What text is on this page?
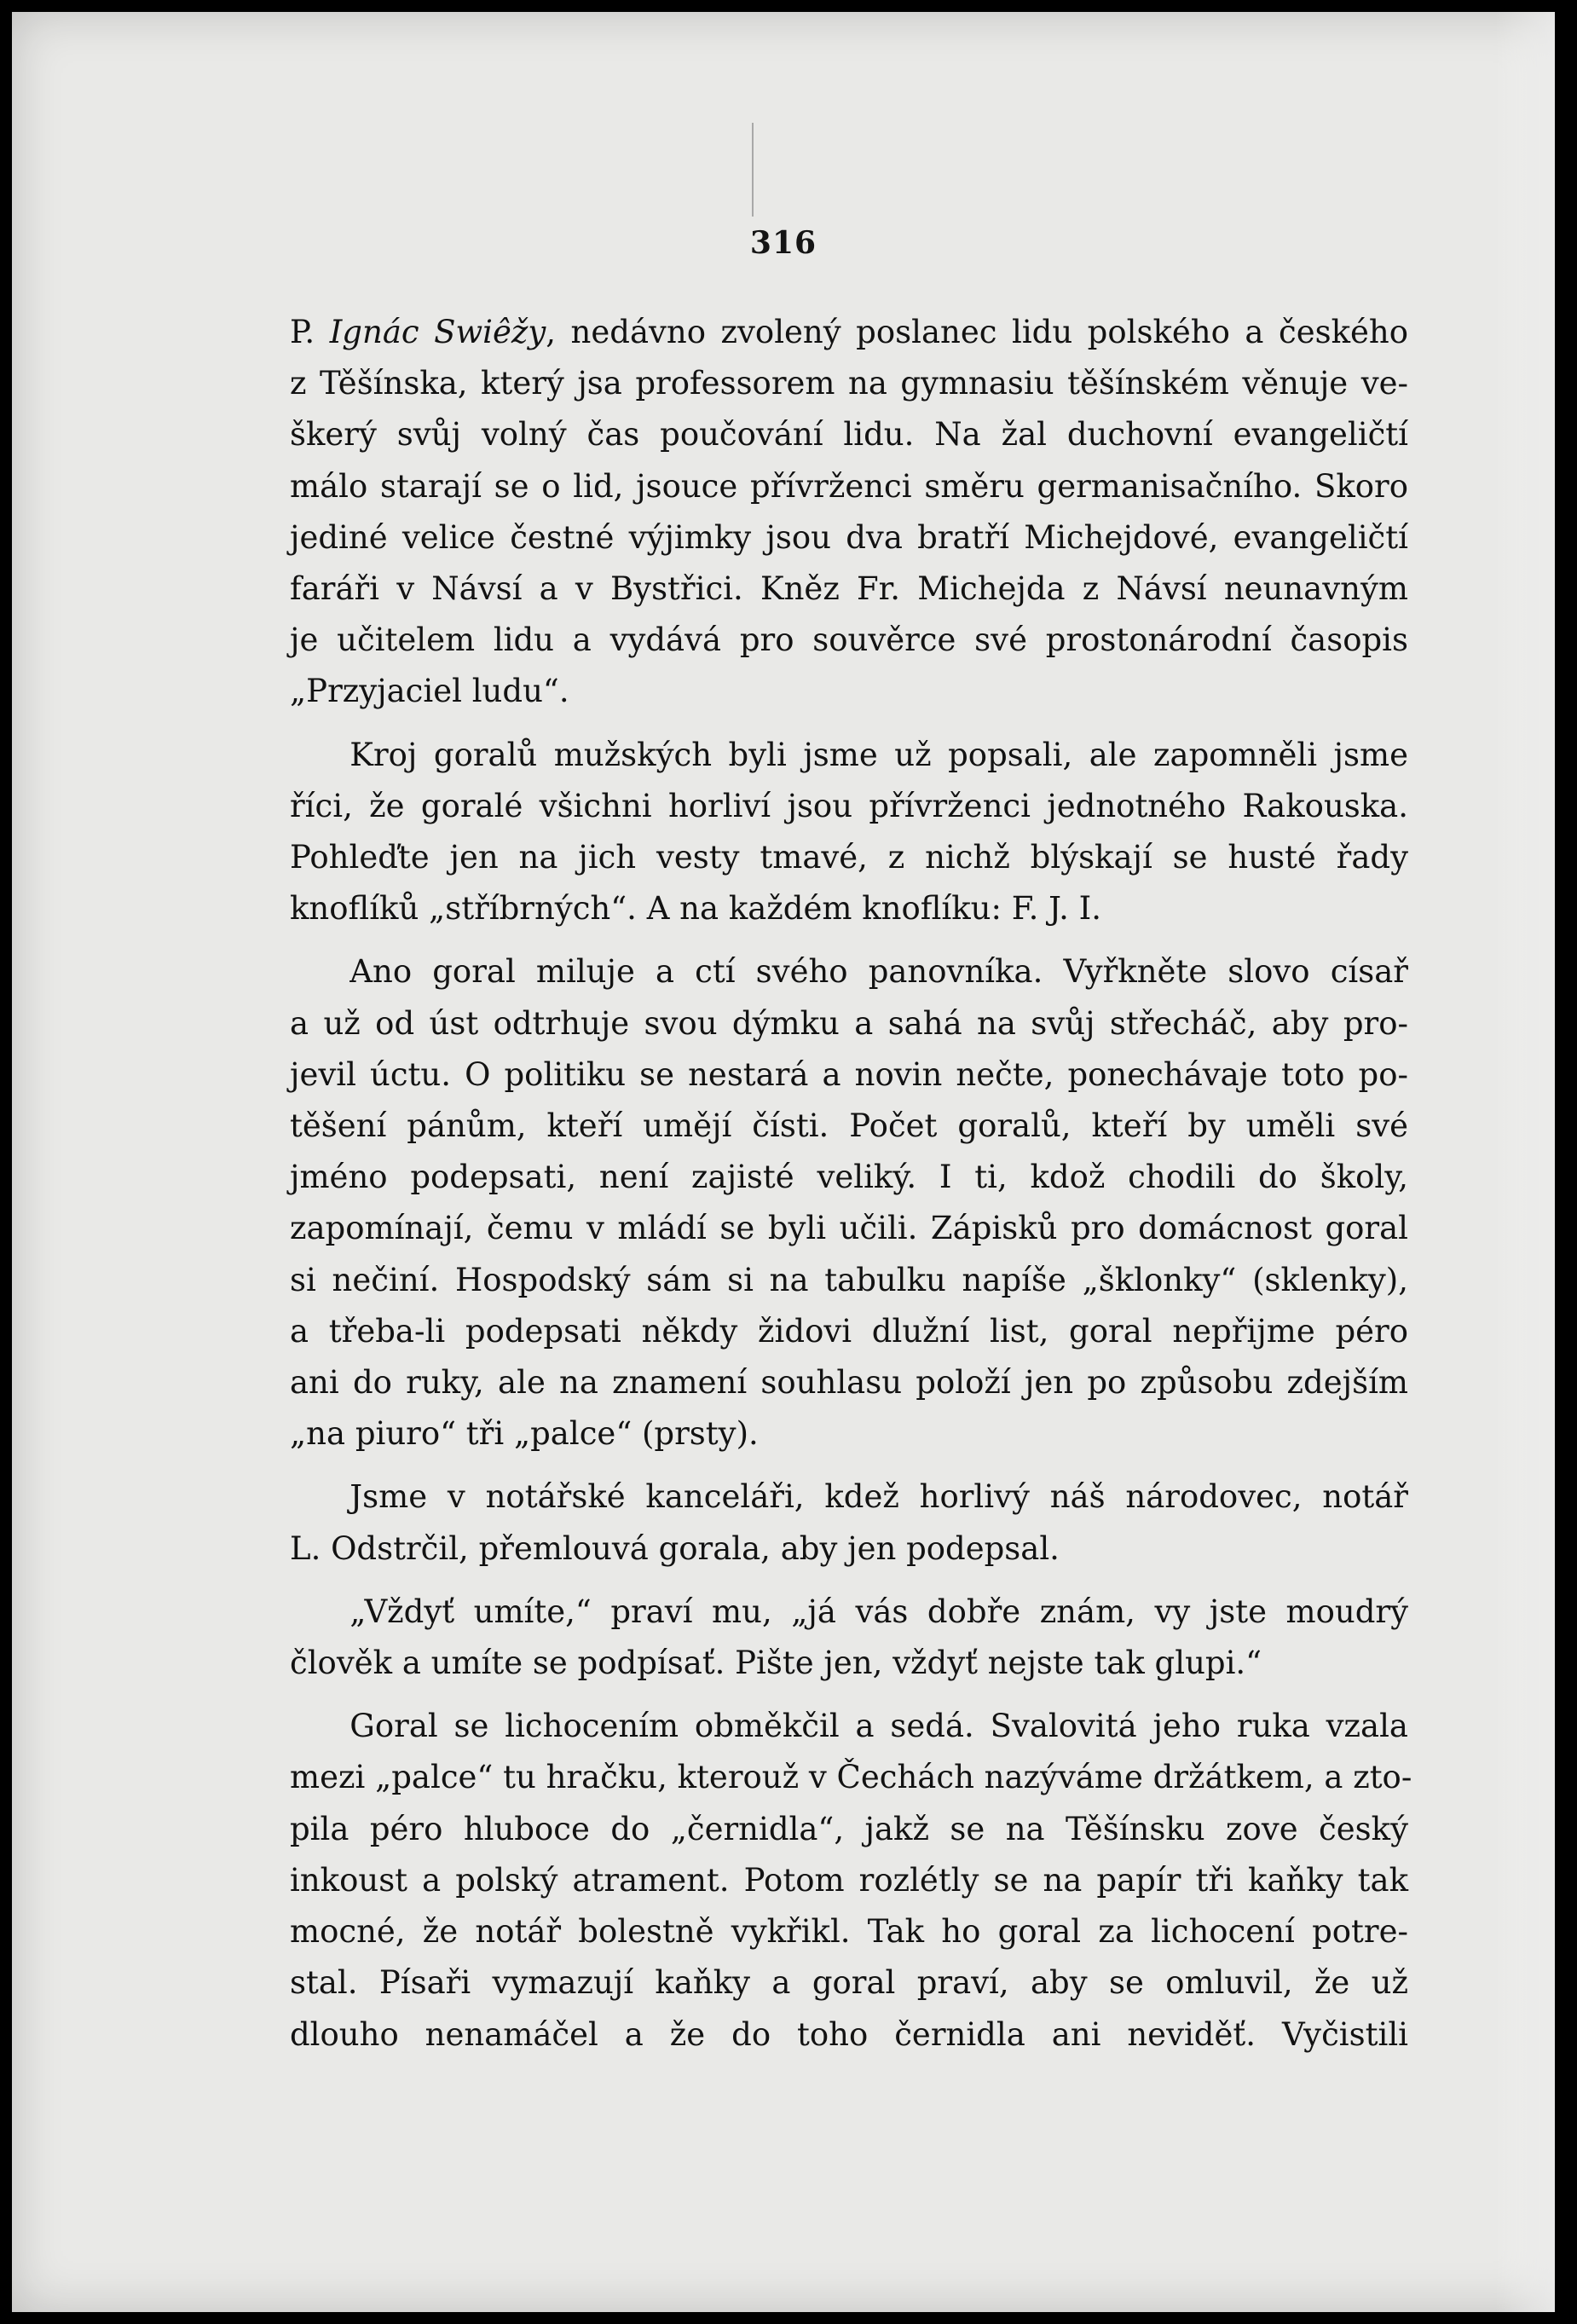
316

P. Ignác Swiêžy, nedávno zvolený poslanec lidu polského a českého
z Těšínska, který jsa professorem na gymnasiu těšínském věnuje ve-
škerý svůj volný čas poučování lidu. Na žal duchovní evangeličtí
málo starají se o lid, jsouce přívrženci směru germanisačního. Skoro
jediné velice čestné výjimky jsou dva bratří Michejdové, evangeličtí
faráři v Návsí a v Bystřici. Kněz Fr. Michejda z Návsí neunavným
je učitelem lidu a vydává pro souvěrce své prostonárodní časopis
„Przyjaciel ludu“.

Kroj goralů mužských byli jsme už popsali, ale zapomněli jsme
říci, že goralé všichni horliví jsou přívrženci jednotného Rakouska.
Pohleďte jen na jich vesty tmavé, z nichž blýskají se husté řady
knoflíků „stříbrných“. A na každém knoflíku: F. J. I.

Ano goral miluje a ctí svého panovníka. Vyřkněte slovo císař
a už od úst odtrhuje svou dýmku a sahá na svůj střecháč, aby pro-
jevil úctu. O politiku se nestará a novin nečte, ponechávaje toto po-
těšení pánům, kteří umějí čísti. Počet goralů, kteří by uměli své
jméno podepsati, není zajisté veliký. I ti, kdož chodili do školy,
zapomínají, čemu v mládí se byli učili. Zápisků pro domácnost goral
si nečiní. Hospodský sám si na tabulku napíše „šklonky“ (sklenky),
a třeba-li podepsati někdy židovi dlužní list, goral nepřijme péro
ani do ruky, ale na znamení souhlasu položí jen po způsobu zdejším
„na piuro“ tři „palce“ (prsty).

Jsme v notářské kanceláři, kdež horlivý náš národovec, notář
L. Odstrčil, přemlouvá gorala, aby jen podepsal.

„Vždyť umíte,“ praví mu, „já vás dobře znám, vy jste moudrý
člověk a umíte se podpísať. Pište jen, vždyť nejste tak glupi.“

Goral se lichocením obměkčil a sedá. Svalovitá jeho ruka vzala
mezi „palce“ tu hračku, kterouž v Čechách nazýváme držátkem, a zto-
pila péro hluboce do „černidla“, jakž se na Těšínsku zove český
inkoust a polský atrament. Potom rozlétly se na papír tři kaňky tak
mocné, že notář bolestně vykřikl. Tak ho goral za lichocení potre-
stal. Písaři vymazují kaňky a goral praví, aby se omluvil, že už
dlouho nenamáčel a že do toho černidla ani neviděť. Vyčistili
